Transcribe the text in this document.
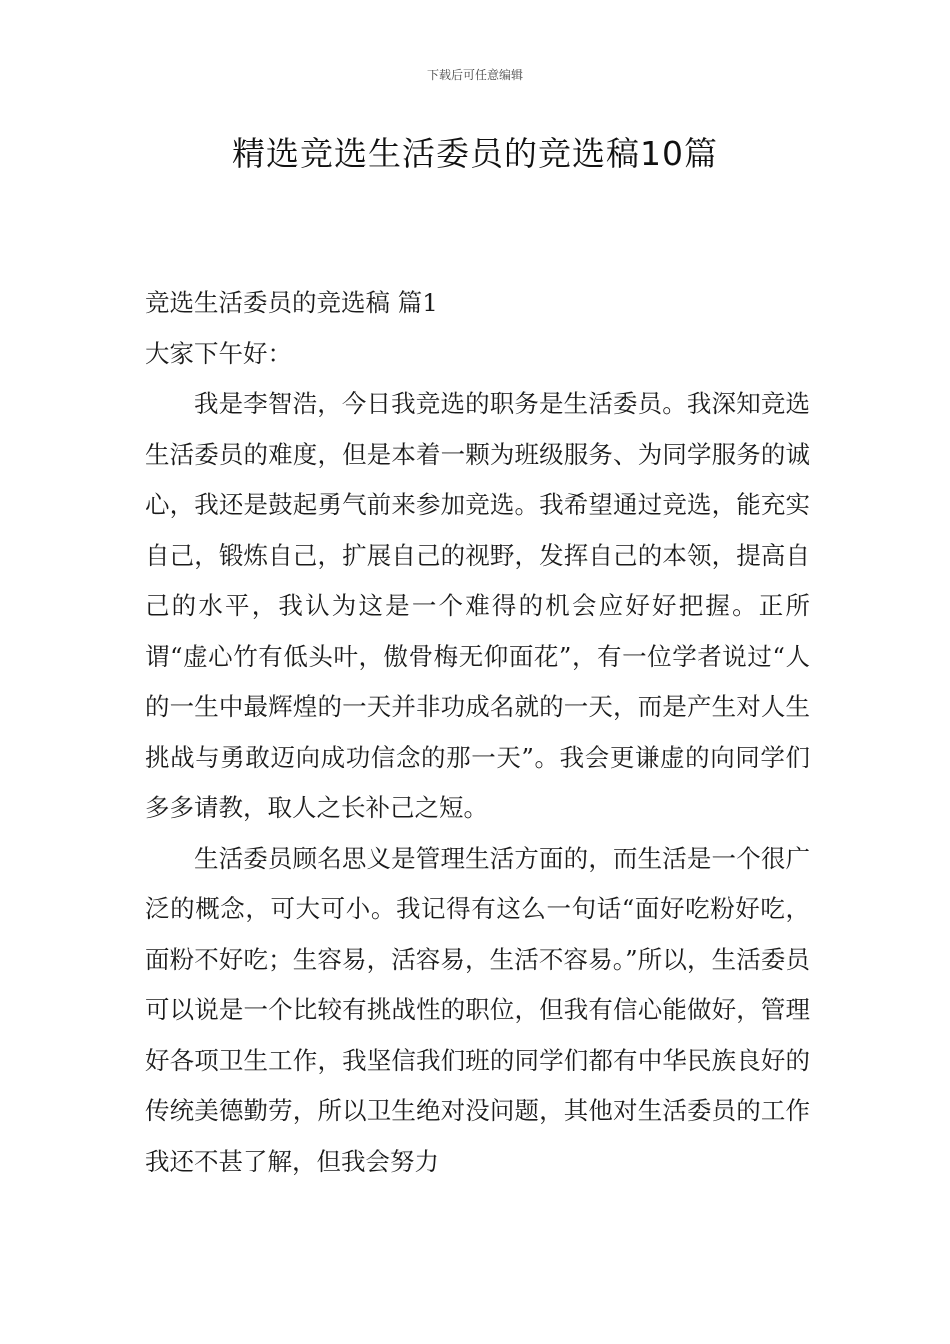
下载后可任意编辑
精选竞选生活委员的竞选稿10篇

竞选生活委员的竞选稿 篇1

大家下午好：

我是李智浩，今日我竞选的职务是生活委员。我深知竞选生活委员的难度，但是本着一颗为班级服务、为同学服务的诚心，我还是鼓起勇气前来参加竞选。我希望通过竞选，能充实自己，锻炼自己，扩展自己的视野，发挥自己的本领，提高自己的水平，我认为这是一个难得的机会应好好把握。正所谓“虚心竹有低头叶，傲骨梅无仰面花”，有一位学者说过“人的一生中最辉煌的一天并非功成名就的一天，而是产生对人生挑战与勇敢迈向成功信念的那一天”。我会更谦虚的向同学们多多请教，取人之长补己之短。

生活委员顾名思义是管理生活方面的，而生活是一个很广泛的概念，可大可小。我记得有这么一句话“面好吃粉好吃，面粉不好吃；生容易，活容易，生活不容易。”所以，生活委员可以说是一个比较有挑战性的职位，但我有信心能做好，管理好各项卫生工作，我坚信我们班的同学们都有中华民族良好的传统美德勤劳，所以卫生绝对没问题，其他对生活委员的工作我还不甚了解，但我会努力
